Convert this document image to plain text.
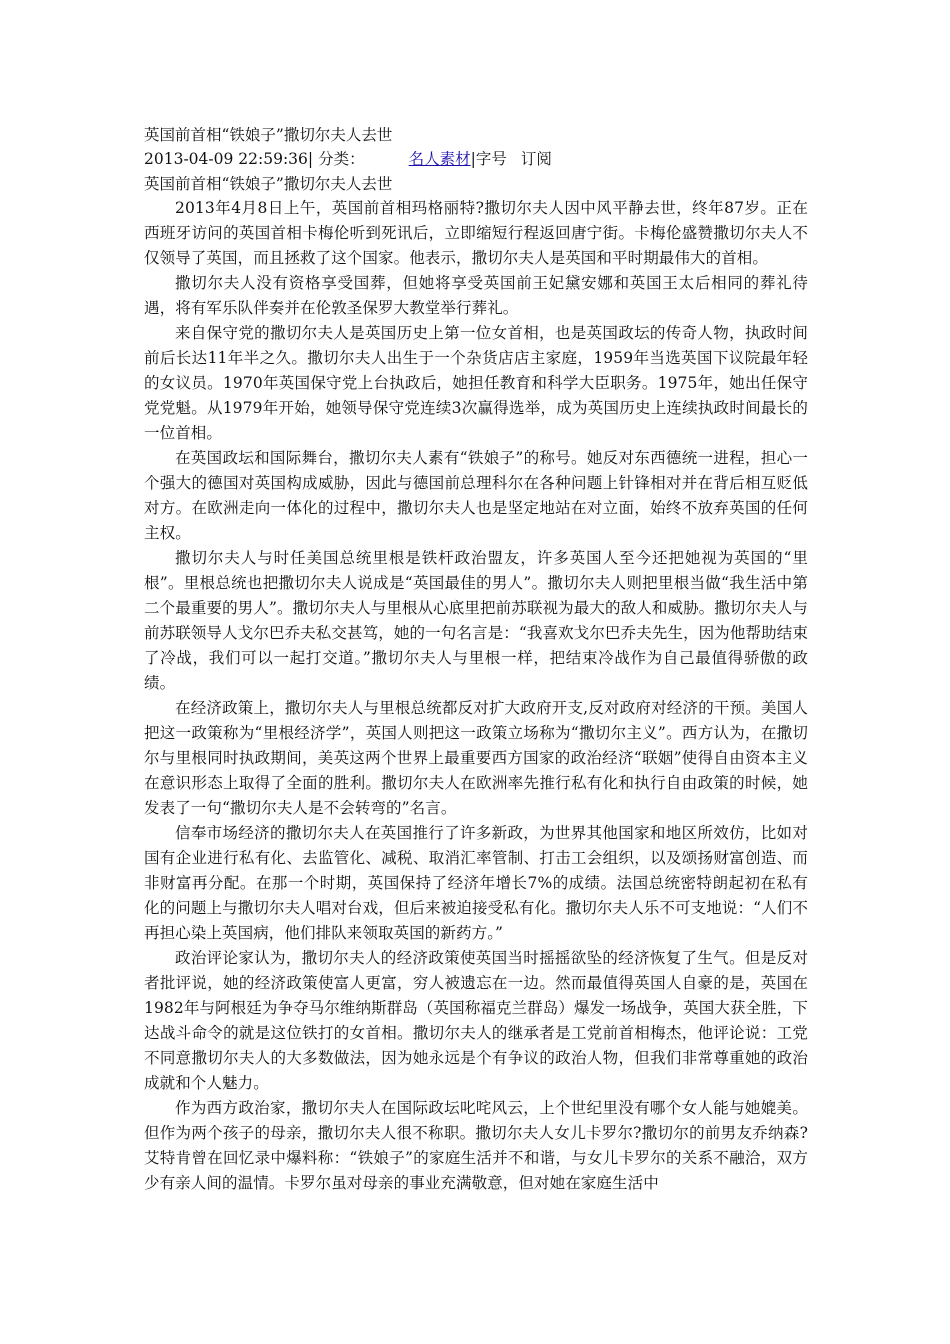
英国前首相“铁娘子”撒切尔夫人去世
2013-04-09 22:59:36| 分类：	名人素材|字号 订阅
英国前首相“铁娘子”撒切尔夫人去世

2013年4月8日上午，英国前首相玛格丽特?撒切尔夫人因中风平静去世，终年87岁。正在西班牙访问的英国首相卡梅伦听到死讯后，立即缩短行程返回唐宁街。卡梅伦盛赞撒切尔夫人不仅领导了英国，而且拯救了这个国家。他表示，撒切尔夫人是英国和平时期最伟大的首相。

撒切尔夫人没有资格享受国葬，但她将享受英国前王妃黛安娜和英国王太后相同的葬礼待遇，将有军乐队伴奏并在伦敦圣保罗大教堂举行葬礼。

来自保守党的撒切尔夫人是英国历史上第一位女首相，也是英国政坛的传奇人物，执政时间前后长达11年半之久。撒切尔夫人出生于一个杂货店店主家庭，1959年当选英国下议院最年轻的女议员。1970年英国保守党上台执政后，她担任教育和科学大臣职务。1975年，她出任保守党党魁。从1979年开始，她领导保守党连续3次赢得选举，成为英国历史上连续执政时间最长的一位首相。

在英国政坛和国际舞台，撒切尔夫人素有“铁娘子”的称号。她反对东西德统一进程，担心一个强大的德国对英国构成威胁，因此与德国前总理科尔在各种问题上针锋相对并在背后相互贬低对方。在欧洲走向一体化的过程中，撒切尔夫人也是坚定地站在对立面，始终不放弃英国的任何主权。

撒切尔夫人与时任美国总统里根是铁杆政治盟友，许多英国人至今还把她视为英国的“里根”。里根总统也把撒切尔夫人说成是“英国最佳的男人”。撒切尔夫人则把里根当做“我生活中第二个最重要的男人”。撒切尔夫人与里根从心底里把前苏联视为最大的敌人和威胁。撒切尔夫人与前苏联领导人戈尔巴乔夫私交甚笃，她的一句名言是：“我喜欢戈尔巴乔夫先生，因为他帮助结束了冷战，我们可以一起打交道。”撒切尔夫人与里根一样，把结束冷战作为自己最值得骄傲的政绩。

在经济政策上，撒切尔夫人与里根总统都反对扩大政府开支,反对政府对经济的干预。美国人把这一政策称为“里根经济学”，英国人则把这一政策立场称为“撒切尔主义”。西方认为，在撒切尔与里根同时执政期间，美英这两个世界上最重要西方国家的政治经济“联姻”使得自由资本主义在意识形态上取得了全面的胜利。撒切尔夫人在欧洲率先推行私有化和执行自由政策的时候，她发表了一句“撒切尔夫人是不会转弯的”名言。

信奉市场经济的撒切尔夫人在英国推行了许多新政，为世界其他国家和地区所效仿，比如对国有企业进行私有化、去监管化、减税、取消汇率管制、打击工会组织，以及颂扬财富创造、而非财富再分配。在那一个时期，英国保持了经济年增长7%的成绩。法国总统密特朗起初在私有化的问题上与撒切尔夫人唱对台戏，但后来被迫接受私有化。撒切尔夫人乐不可支地说：“人们不再担心染上英国病，他们排队来领取英国的新药方。”

政治评论家认为，撒切尔夫人的经济政策使英国当时摇摇欲坠的经济恢复了生气。但是反对者批评说，她的经济政策使富人更富，穷人被遗忘在一边。然而最值得英国人自豪的是，英国在1982年与阿根廷为争夺马尔维纳斯群岛（英国称福克兰群岛）爆发一场战争，英国大获全胜，下达战斗命令的就是这位铁打的女首相。撒切尔夫人的继承者是工党前首相梅杰，他评论说：工党不同意撒切尔夫人的大多数做法，因为她永远是个有争议的政治人物，但我们非常尊重她的政治成就和个人魅力。

作为西方政治家，撒切尔夫人在国际政坛叱咤风云，上个世纪里没有哪个女人能与她媲美。但作为两个孩子的母亲，撒切尔夫人很不称职。撒切尔夫人女儿卡罗尔?撒切尔的前男友乔纳森?艾特肯曾在回忆录中爆料称：“铁娘子”的家庭生活并不和谐，与女儿卡罗尔的关系不融洽，双方少有亲人间的温情。卡罗尔虽对母亲的事业充满敬意，但对她在家庭生活中
